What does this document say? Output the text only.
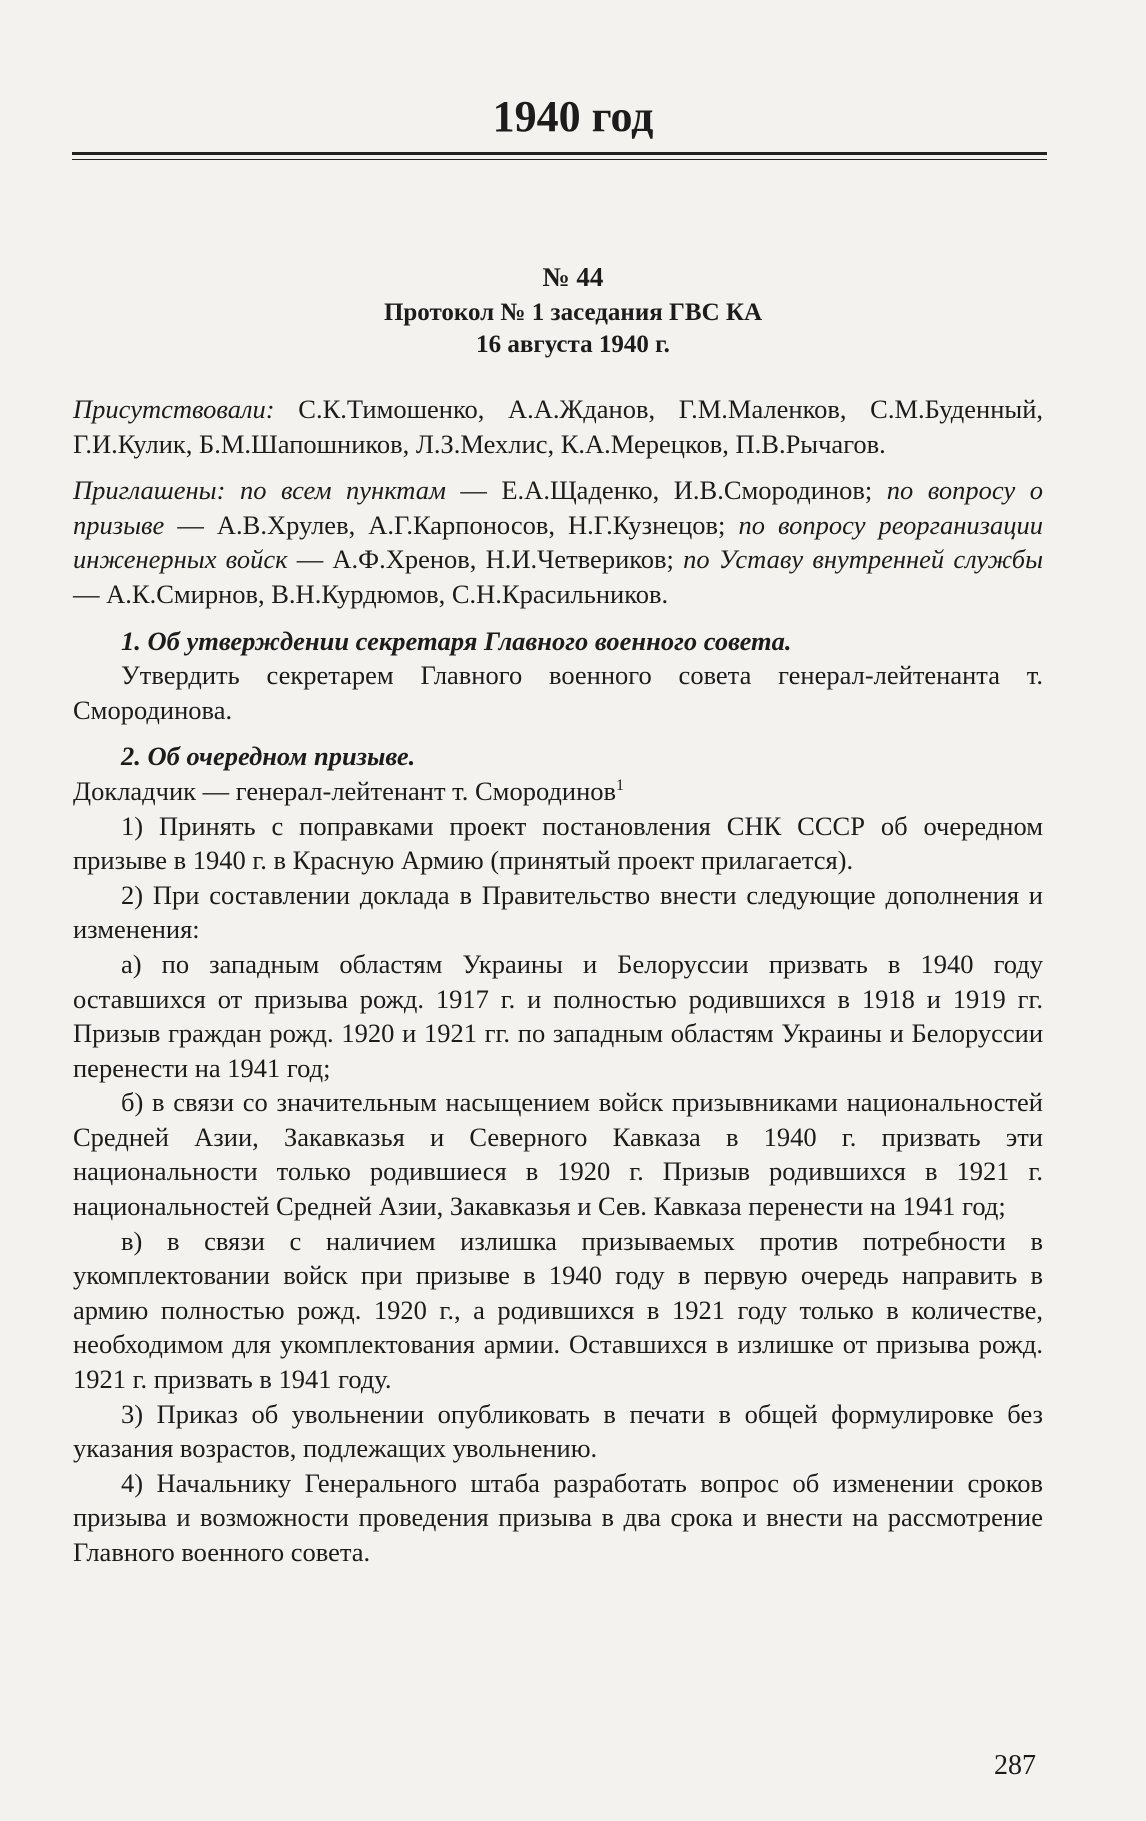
1940 год
№ 44
Протокол № 1 заседания ГВС КА
16 августа 1940 г.

Присутствовали: С.К.Тимошенко, А.А.Жданов, Г.М.Маленков, С.М.Буденный, Г.И.Кулик, Б.М.Шапошников, Л.З.Мехлис, К.А.Мерецков, П.В.Рычагов.

Приглашены: по всем пунктам — Е.А.Щаденко, И.В.Смородинов; по вопросу о призыве — А.В.Хрулев, А.Г.Карпоносов, Н.Г.Кузнецов; по вопросу реорганизации инженерных войск — А.Ф.Хренов, Н.И.Четвериков; по Уставу внутренней службы — А.К.Смирнов, В.Н.Курдюмов, С.Н.Красильников.

1. Об утверждении секретаря Главного военного совета.

Утвердить секретарем Главного военного совета генерал-лейтенанта т. Смородинова.

2. Об очередном призыве.

Докладчик — генерал-лейтенант т. Смородинов$^1$

1) Принять с поправками проект постановления СНК СССР об очередном призыве в 1940 г. в Красную Армию (принятый проект прилагается).

2) При составлении доклада в Правительство внести следующие дополнения и изменения:

а) по западным областям Украины и Белоруссии призвать в 1940 году оставшихся от призыва рожд. 1917 г. и полностью родившихся в 1918 и 1919 гг. Призыв граждан рожд. 1920 и 1921 гг. по западным областям Украины и Белоруссии перенести на 1941 год;

б) в связи со значительным насыщением войск призывниками национальностей Средней Азии, Закавказья и Северного Кавказа в 1940 г. призвать эти национальности только родившиеся в 1920 г. Призыв родившихся в 1921 г. национальностей Средней Азии, Закавказья и Сев. Кавказа перенести на 1941 год;

в) в связи с наличием излишка призываемых против потребности в укомплектовании войск при призыве в 1940 году в первую очередь направить в армию полностью рожд. 1920 г., а родившихся в 1921 году только в количестве, необходимом для укомплектования армии. Оставшихся в излишке от призыва рожд. 1921 г. призвать в 1941 году.

3) Приказ об увольнении опубликовать в печати в общей формулировке без указания возрастов, подлежащих увольнению.

4) Начальнику Генерального штаба разработать вопрос об изменении сроков призыва и возможности проведения призыва в два срока и внести на рассмотрение Главного военного совета.

287
